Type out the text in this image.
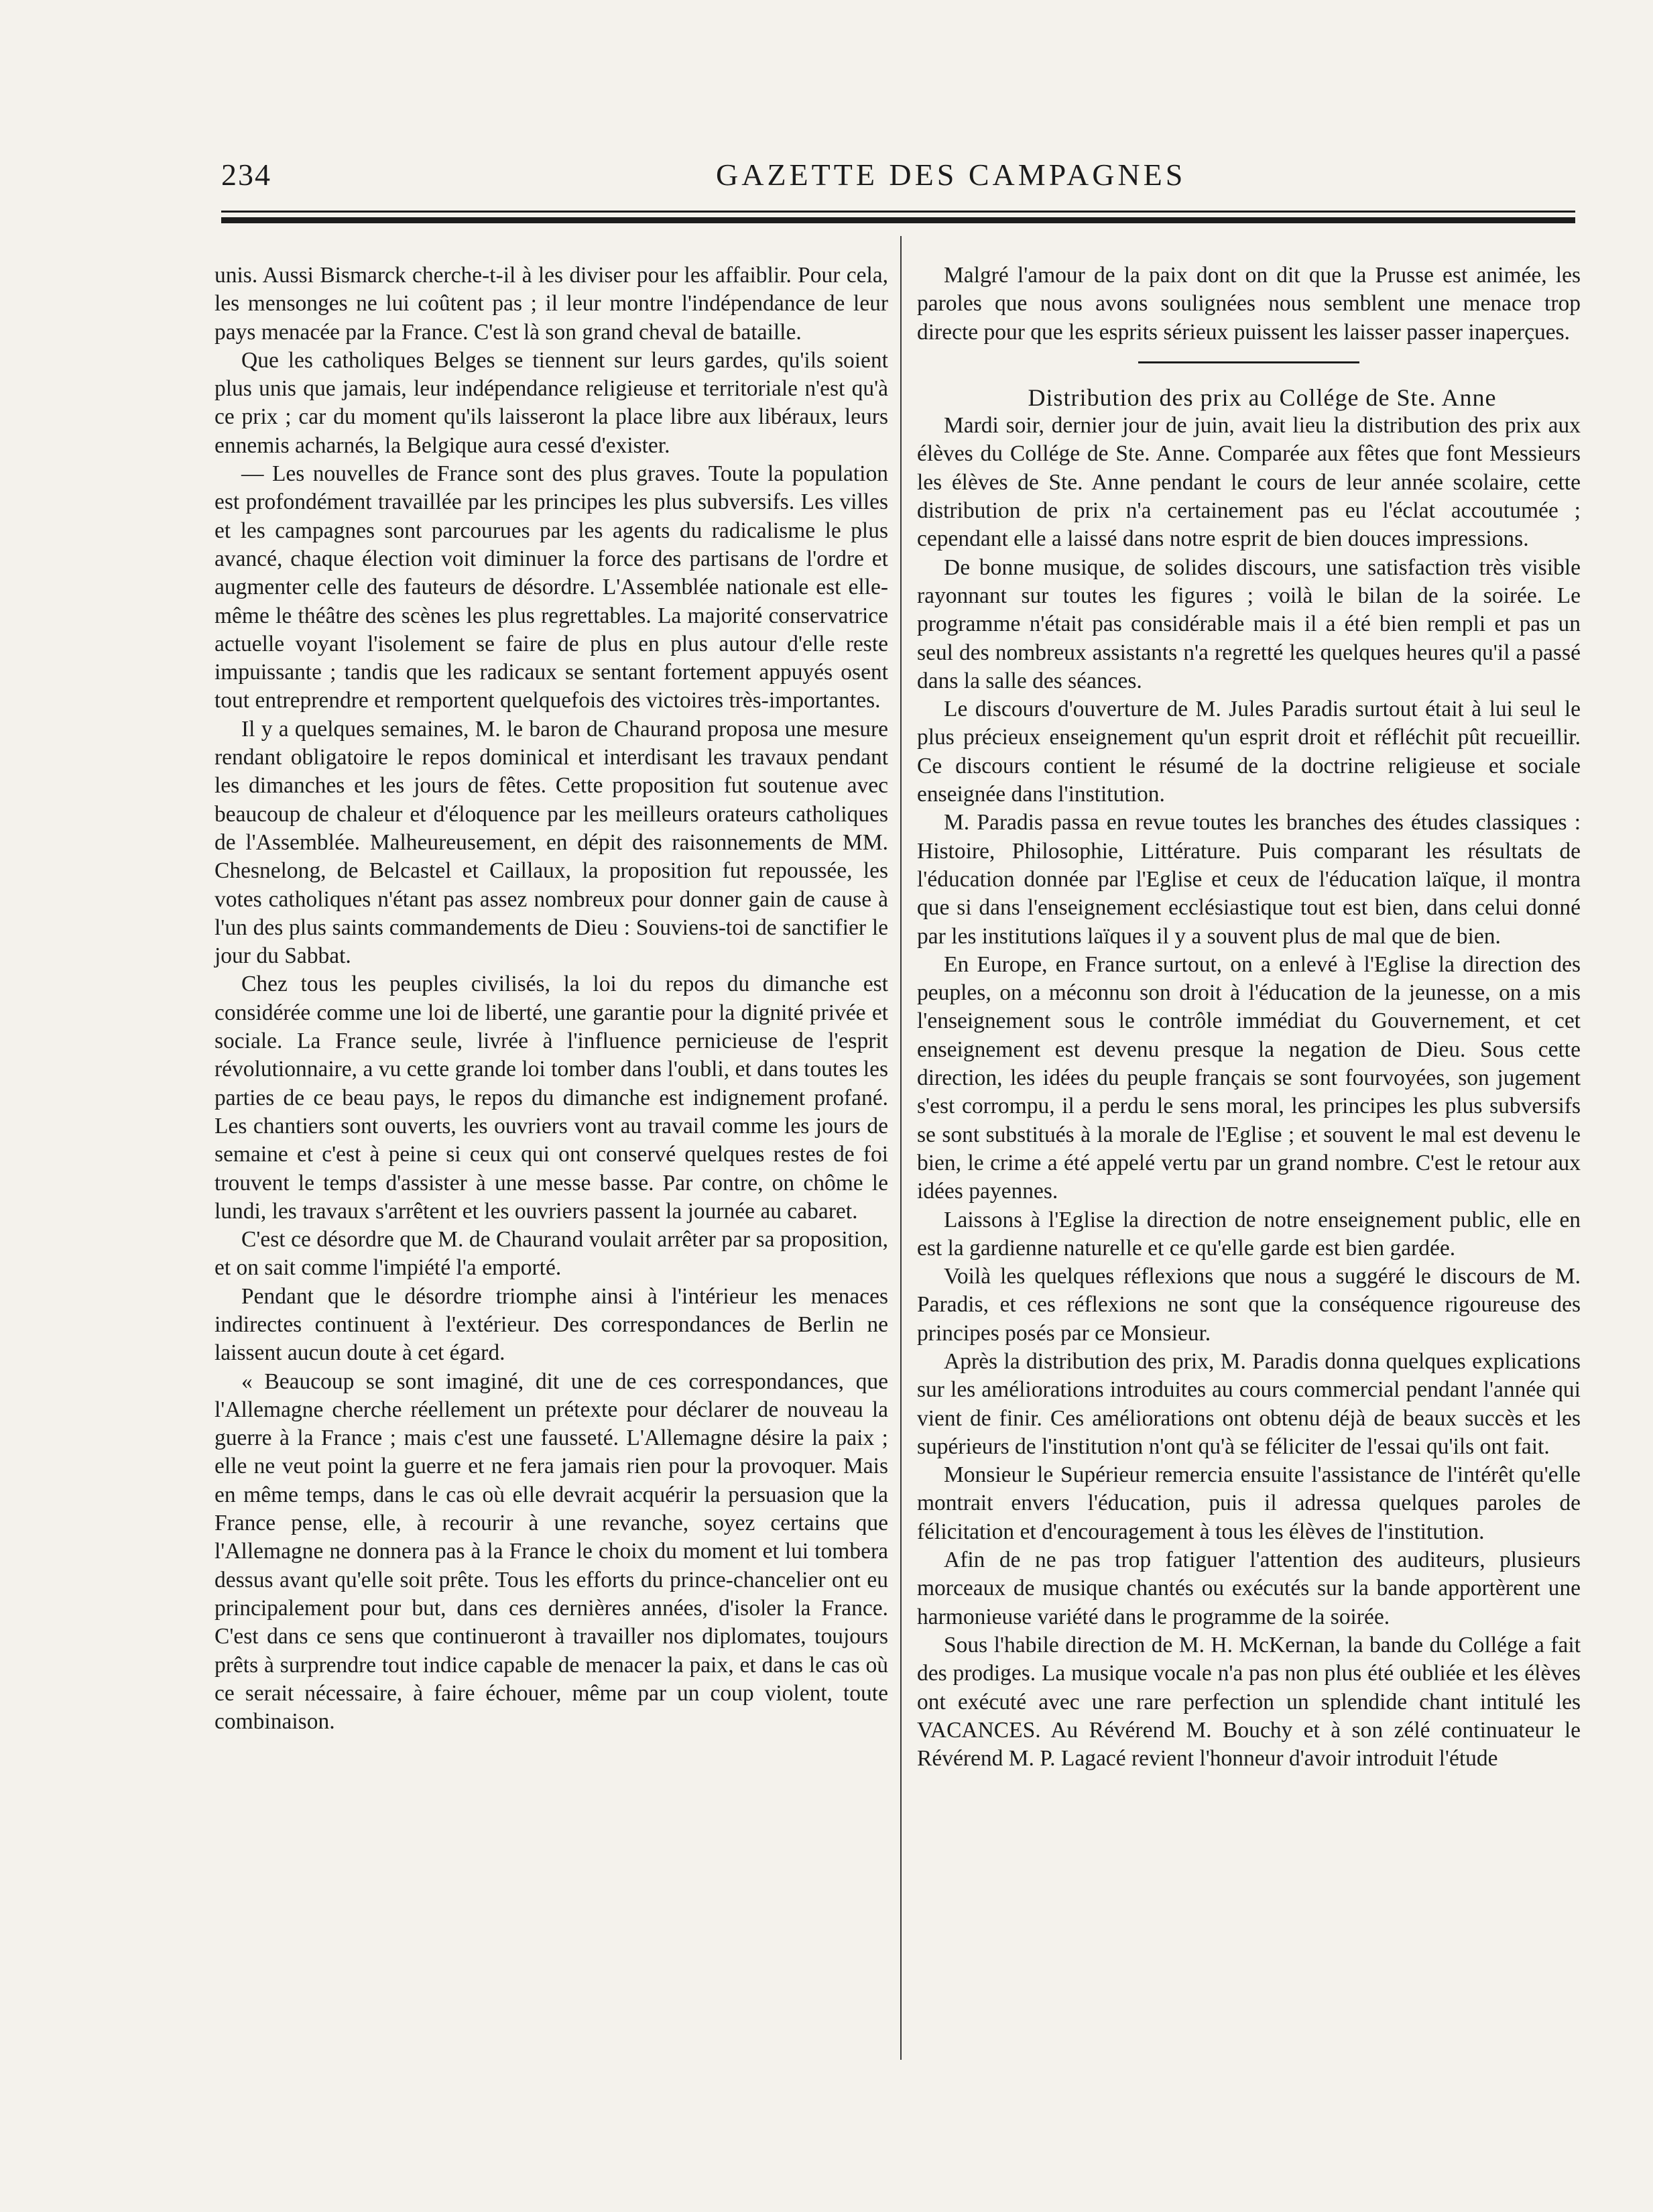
234	GAZETTE DES CAMPAGNES

unis. Aussi Bismarck cherche-t-il à les diviser pour les affaiblir. Pour cela, les mensonges ne lui coûtent pas ; il leur montre l'indépendance de leur pays menacée par la France. C'est là son grand cheval de bataille.

Que les catholiques Belges se tiennent sur leurs gardes, qu'ils soient plus unis que jamais, leur indépendance religieuse et territoriale n'est qu'à ce prix ; car du moment qu'ils laisseront la place libre aux libéraux, leurs ennemis acharnés, la Belgique aura cessé d'exister.

— Les nouvelles de France sont des plus graves. Toute la population est profondément travaillée par les principes les plus subversifs. Les villes et les campagnes sont parcourues par les agents du radicalisme le plus avancé, chaque élection voit diminuer la force des partisans de l'ordre et augmenter celle des fauteurs de désordre. L'Assemblée nationale est elle-même le théâtre des scènes les plus regrettables. La majorité conservatrice actuelle voyant l'isolement se faire de plus en plus autour d'elle reste impuissante ; tandis que les radicaux se sentant fortement appuyés osent tout entreprendre et remportent quelquefois des victoires très-importantes.

Il y a quelques semaines, M. le baron de Chaurand proposa une mesure rendant obligatoire le repos dominical et interdisant les travaux pendant les dimanches et les jours de fêtes. Cette proposition fut soutenue avec beaucoup de chaleur et d'éloquence par les meilleurs orateurs catholiques de l'Assemblée. Malheureusement, en dépit des raisonnements de MM. Chesnelong, de Belcastel et Caillaux, la proposition fut repoussée, les votes catholiques n'étant pas assez nombreux pour donner gain de cause à l'un des plus saints commandements de Dieu : Souviens-toi de sanctifier le jour du Sabbat.

Chez tous les peuples civilisés, la loi du repos du dimanche est considérée comme une loi de liberté, une garantie pour la dignité privée et sociale. La France seule, livrée à l'influence pernicieuse de l'esprit révolutionnaire, a vu cette grande loi tomber dans l'oubli, et dans toutes les parties de ce beau pays, le repos du dimanche est indignement profané. Les chantiers sont ouverts, les ouvriers vont au travail comme les jours de semaine et c'est à peine si ceux qui ont conservé quelques restes de foi trouvent le temps d'assister à une messe basse. Par contre, on chôme le lundi, les travaux s'arrêtent et les ouvriers passent la journée au cabaret.

C'est ce désordre que M. de Chaurand voulait arrêter par sa proposition, et on sait comme l'impiété l'a emporté.

Pendant que le désordre triomphe ainsi à l'intérieur les menaces indirectes continuent à l'extérieur. Des correspondances de Berlin ne laissent aucun doute à cet égard.

« Beaucoup se sont imaginé, dit une de ces correspondances, que l'Allemagne cherche réellement un prétexte pour déclarer de nouveau la guerre à la France ; mais c'est une fausseté. L'Allemagne désire la paix ; elle ne veut point la guerre et ne fera jamais rien pour la provoquer. Mais en même temps, dans le cas où elle devrait acquérir la persuasion que la France pense, elle, à recourir à une revanche, soyez certains que l'Allemagne ne donnera pas à la France le choix du moment et lui tombera dessus avant qu'elle soit prête. Tous les efforts du prince-chancelier ont eu principalement pour but, dans ces dernières années, d'isoler la France. C'est dans ce sens que continueront à travailler nos diplomates, toujours prêts à surprendre tout indice capable de menacer la paix, et dans le cas où ce serait nécessaire, à faire échouer, même par un coup violent, toute combinaison.

Malgré l'amour de la paix dont on dit que la Prusse est animée, les paroles que nous avons soulignées nous semblent une menace trop directe pour que les esprits sérieux puissent les laisser passer inaperçues.

Distribution des prix au Collége de Ste. Anne

Mardi soir, dernier jour de juin, avait lieu la distribution des prix aux élèves du Collége de Ste. Anne. Comparée aux fêtes que font Messieurs les élèves de Ste. Anne pendant le cours de leur année scolaire, cette distribution de prix n'a certainement pas eu l'éclat accoutumée ; cependant elle a laissé dans notre esprit de bien douces impressions.

De bonne musique, de solides discours, une satisfaction très visible rayonnant sur toutes les figures ; voilà le bilan de la soirée. Le programme n'était pas considérable mais il a été bien rempli et pas un seul des nombreux assistants n'a regretté les quelques heures qu'il a passé dans la salle des séances.

Le discours d'ouverture de M. Jules Paradis surtout était à lui seul le plus précieux enseignement qu'un esprit droit et réfléchit pût recueillir. Ce discours contient le résumé de la doctrine religieuse et sociale enseignée dans l'institution.

M. Paradis passa en revue toutes les branches des études classiques : Histoire, Philosophie, Littérature. Puis comparant les résultats de l'éducation donnée par l'Eglise et ceux de l'éducation laïque, il montra que si dans l'enseignement ecclésiastique tout est bien, dans celui donné par les institutions laïques il y a souvent plus de mal que de bien.

En Europe, en France surtout, on a enlevé à l'Eglise la direction des peuples, on a méconnu son droit à l'éducation de la jeunesse, on a mis l'enseignement sous le contrôle immédiat du Gouvernement, et cet enseignement est devenu presque la negation de Dieu. Sous cette direction, les idées du peuple français se sont fourvoyées, son jugement s'est corrompu, il a perdu le sens moral, les principes les plus subversifs se sont substitués à la morale de l'Eglise ; et souvent le mal est devenu le bien, le crime a été appelé vertu par un grand nombre. C'est le retour aux idées payennes.

Laissons à l'Eglise la direction de notre enseignement public, elle en est la gardienne naturelle et ce qu'elle garde est bien gardée.

Voilà les quelques réflexions que nous a suggéré le discours de M. Paradis, et ces réflexions ne sont que la conséquence rigoureuse des principes posés par ce Monsieur.

Après la distribution des prix, M. Paradis donna quelques explications sur les améliorations introduites au cours commercial pendant l'année qui vient de finir. Ces améliorations ont obtenu déjà de beaux succès et les supérieurs de l'institution n'ont qu'à se féliciter de l'essai qu'ils ont fait.

Monsieur le Supérieur remercia ensuite l'assistance de l'intérêt qu'elle montrait envers l'éducation, puis il adressa quelques paroles de félicitation et d'encouragement à tous les élèves de l'institution.

Afin de ne pas trop fatiguer l'attention des auditeurs, plusieurs morceaux de musique chantés ou exécutés sur la bande apportèrent une harmonieuse variété dans le programme de la soirée.

Sous l'habile direction de M. H. McKernan, la bande du Collége a fait des prodiges. La musique vocale n'a pas non plus été oubliée et les élèves ont exécuté avec une rare perfection un splendide chant intitulé les VACANCES. Au Révérend M. Bouchy et à son zélé continuateur le Révérend M. P. Lagacé revient l'honneur d'avoir introduit l'étude
